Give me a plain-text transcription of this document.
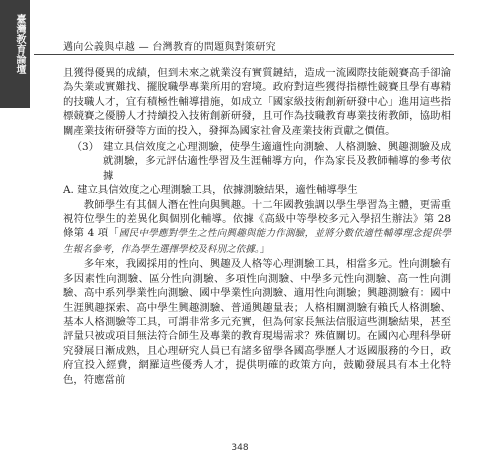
臺灣教育論壇	邁向公義與卓越 — 台灣教育的問題與對策研究

且獲得優異的成績，但到未來之就業沒有實質鏈結，造成一流國際技能競賽高手卻淪為失業或實難找、擺脫職學專業所用的窘境。政府對這些獲得指標性競賽且學有專精的技職人才，宜有積極性輔導措施，如成立「國家級技術創新研發中心」進用這些指標競賽之優勝人才持續投入技術創新研發，且可作為技職教育專業技術教師，協助相關產業技術研發等方面的投入，發揮為國家社會及產業技術貢獻之價值。

（3） 建立具信效度之心理測驗，使學生適適性向測驗、人格測驗、興趣測驗及成就測驗，多元評估適性學習及生涯輔導方向，作為家長及教師輔導的參考依據

A. 建立具信效度之心理測驗工具，依據測驗結果，適性輔導學生

教師學生有其個人潛在性向與興趣。十二年國教強調以學生學習為主體，更需重視符位學生的差異化與個別化輔導。依據《高級中等學校多元入學招生辦法》第 28 條第 4 項「國民中學應對學生之性向興趣與能力作測驗，並將分數依適性輔導理念提供學生報名參考，作為學生選擇學校及科別之依據。」

多年來，我國採用的性向、興趣及人格等心理測驗工具，相當多元。性向測驗有多因素性向測驗、區分性向測驗、多項性向測驗、中學多元性向測驗、高一性向測驗、高中系列學業性向測驗、國中學業性向測驗、適用性向測驗；興趣測驗有：國中生涯興趣探索、高中學生興趣測驗、普通興趣量表；人格相關測驗有賴氏人格測驗、基本人格測驗等工具，可謂非常多元充實，但為何家長無法信服這些測驗結果，甚至評量只被或項目無法符合師生及專業的教育現場需求？殊值關切。在國內心理科學研究發展日漸成熟，且心理研究人員已有諸多留學各國高學歷人才返國服務的今日，政府宜投入經費，網羅這些優秀人才，提供明確的政策方向，鼓勵發展具有本土化特色，符應當前

348
